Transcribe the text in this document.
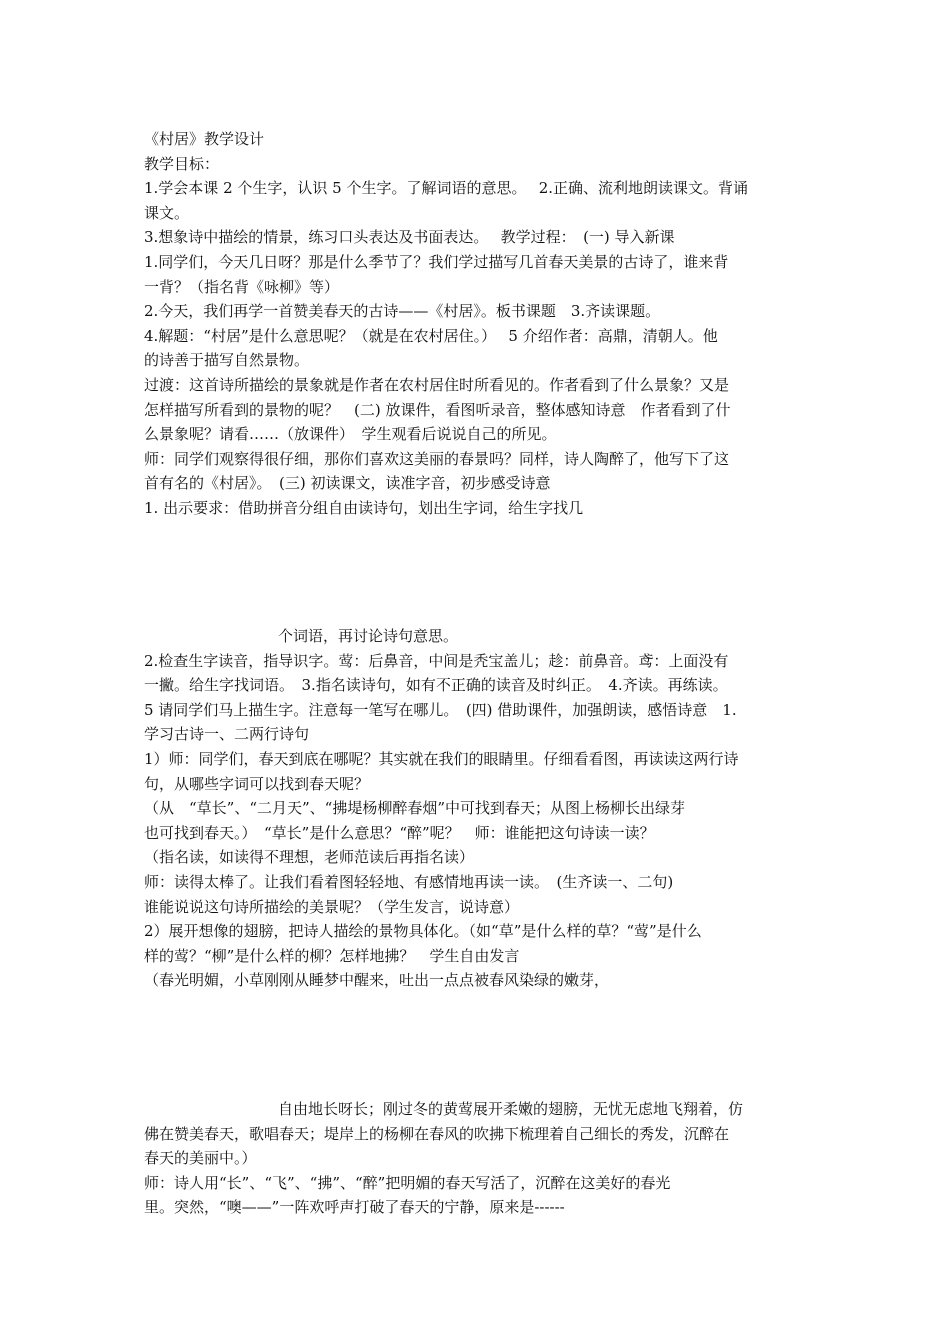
《村居》教学设计
教学目标：
1.学会本课 2 个生字，认识 5 个生字。了解词语的意思。　 2.正确、流利地朗读课文。背诵
课文。
3.想象诗中描绘的情景，练习口头表达及书面表达。　 教学过程：　(一) 导入新课
1.同学们，今天几日呀？那是什么季节了？我们学过描写几首春天美景的古诗了，谁来背
一背？（指名背《咏柳》等）
2.今天，我们再学一首赞美春天的古诗——《村居》。板书课题　3.齐读课题。
4.解题：“村居”是什么意思呢？（就是在农村居住。）　 5 介绍作者：高鼎，清朝人。他
的诗善于描写自然景物。
过渡：这首诗所描绘的景象就是作者在农村居住时所看见的。作者看到了什么景象？又是
怎样描写所看到的景物的呢？　(二) 放课件，看图听录音，整体感知诗意　作者看到了什
么景象呢？请看……（放课件）　学生观看后说说自己的所见。
师：同学们观察得很仔细，那你们喜欢这美丽的春景吗？同样，诗人陶醉了，他写下了这
首有名的《村居》。　(三) 初读课文，读准字音，初步感受诗意
1. 出示要求：借助拼音分组自由读诗句，划出生字词，给生字找几
个词语，再讨论诗句意思。
2.检查生字读音，指导识字。莺：后鼻音，中间是秃宝盖儿；趁：前鼻音。鸢：上面没有
一撇。给生字找词语。　3.指名读诗句，如有不正确的读音及时纠正。　4.齐读。再练读。
5 请同学们马上描生字。注意每一笔写在哪儿。　(四) 借助课件，加强朗读，感悟诗意　1.
学习古诗一、二两行诗句
1）师：同学们，春天到底在哪呢？其实就在我们的眼睛里。仔细看看图，再读读这两行诗
句，从哪些字词可以找到春天呢？
（从　“草长”、“二月天”、“拂堤杨柳醉春烟”中可找到春天；从图上杨柳长出绿芽
也可找到春天。）　“草长”是什么意思？“醉”呢？　师：谁能把这句诗读一读？
（指名读，如读得不理想，老师范读后再指名读）
师：读得太棒了。让我们看着图轻轻地、有感情地再读一读。　(生齐读一、二句)
谁能说说这句诗所描绘的美景呢？（学生发言，说诗意）
2）展开想像的翅膀，把诗人描绘的景物具体化。（如“草”是什么样的草？“莺”是什么
样的莺？“柳”是什么样的柳？怎样地拂？　学生自由发言
（春光明媚，小草刚刚从睡梦中醒来，吐出一点点被春风染绿的嫩芽，
自由地长呀长；刚过冬的黄莺展开柔嫩的翅膀，无忧无虑地飞翔着，仿
佛在赞美春天，歌唱春天；堤岸上的杨柳在春风的吹拂下梳理着自己细长的秀发，沉醉在
春天的美丽中。）
师：诗人用“长”、“飞”、“拂”、“醉”把明媚的春天写活了，沉醉在这美好的春光
里。突然，“噢——”一阵欢呼声打破了春天的宁静，原来是------
